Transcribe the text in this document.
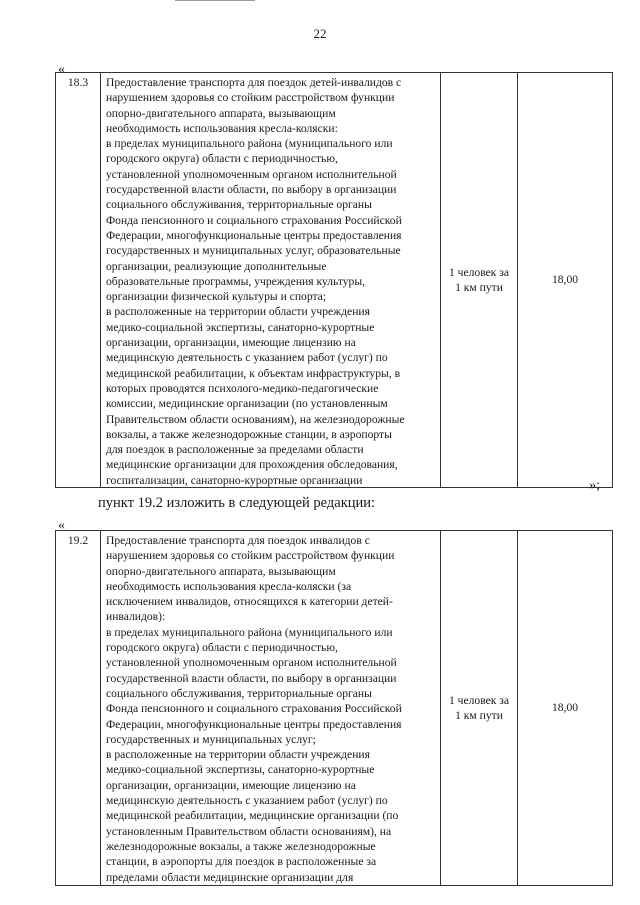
22
«
18.3	Предоставление транспорта для поездок детей-инвалидов с
нарушением здоровья со стойким расстройством функции
опорно-двигательного аппарата, вызывающим
необходимость использования кресла-коляски:
в пределах муниципального района (муниципального или
городского округа) области с периодичностью,
установленной уполномоченным органом исполнительной
государственной власти области, по выбору в организации
социального обслуживания, территориальные органы
Фонда пенсионного и социального страхования Российской
Федерации, многофункциональные центры предоставления
государственных и муниципальных услуг, образовательные
организации, реализующие дополнительные
образовательные программы, учреждения культуры,
организации физической культуры и спорта;
в расположенные на территории области учреждения
медико-социальной экспертизы, санаторно-курортные
организации, организации, имеющие лицензию на
медицинскую деятельность с указанием работ (услуг) по
медицинской реабилитации, к объектам инфраструктуры, в
которых проводятся психолого-медико-педагогические
комиссии, медицинские организации (по установленным
Правительством области основаниям), на железнодорожные
вокзалы, а также железнодорожные станции, в аэропорты
для поездок в расположенные за пределами области
медицинские организации для прохождения обследования,
госпитализации, санаторно-курортные организации
	1 человек за
1 км пути	18,00
»;
пункт 19.2 изложить в следующей редакции:
«
19.2	Предоставление транспорта для поездок инвалидов с
нарушением здоровья со стойким расстройством функции
опорно-двигательного аппарата, вызывающим
необходимость использования кресла-коляски (за
исключением инвалидов, относящихся к категории детей-
инвалидов):
в пределах муниципального района (муниципального или
городского округа) области с периодичностью,
установленной уполномоченным органом исполнительной
государственной власти области, по выбору в организации
социального обслуживания, территориальные органы
Фонда пенсионного и социального страхования Российской
Федерации, многофункциональные центры предоставления
государственных и муниципальных услуг;
в расположенные на территории области учреждения
медико-социальной экспертизы, санаторно-курортные
организации, организации, имеющие лицензию на
медицинскую деятельность с указанием работ (услуг) по
медицинской реабилитации, медицинские организации (по
установленным Правительством области основаниям), на
железнодорожные вокзалы, а также железнодорожные
станции, в аэропорты для поездок в расположенные за
пределами области медицинские организации для
	1 человек за
1 км пути	18,00
